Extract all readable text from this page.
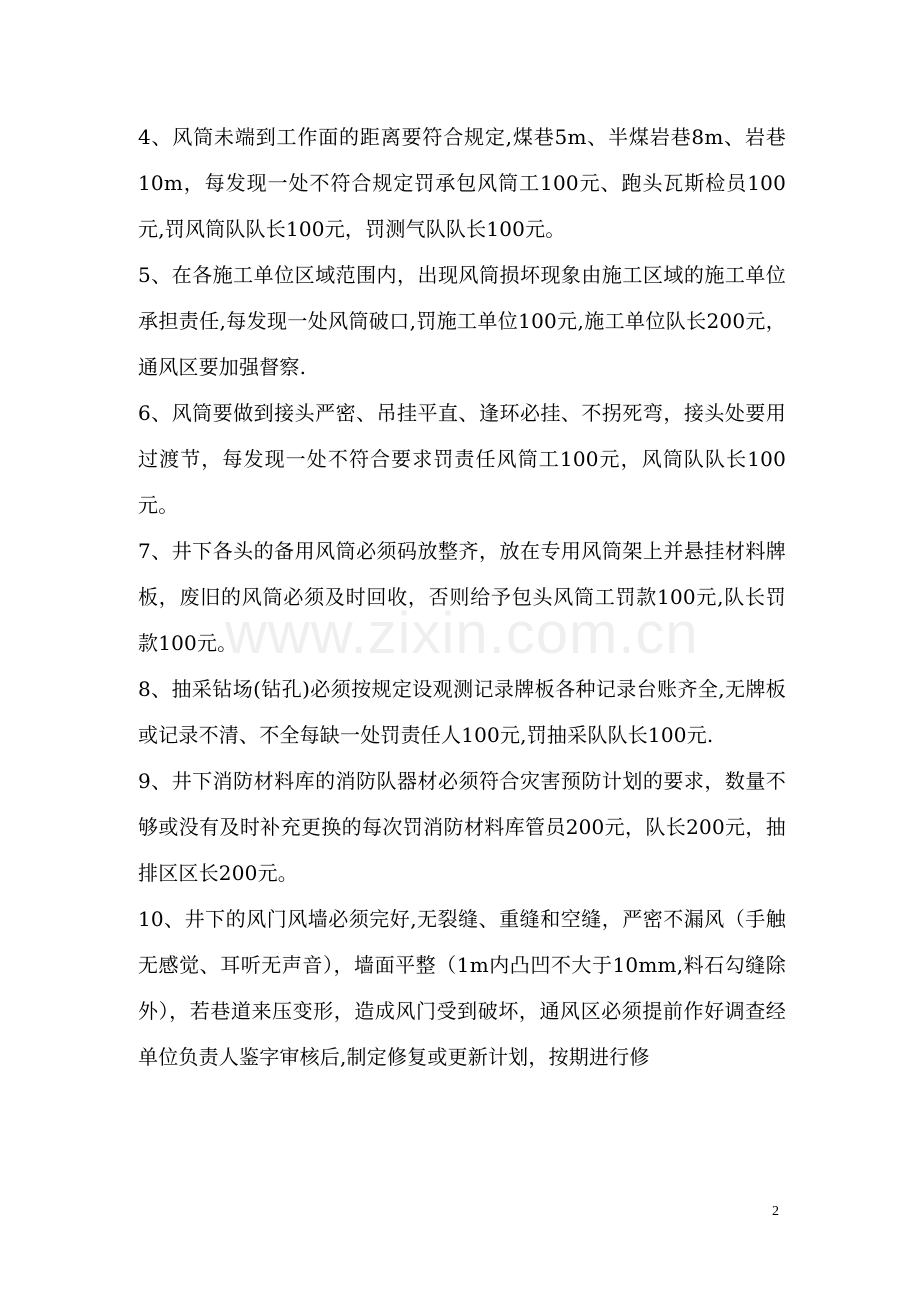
4、风筒未端到工作面的距离要符合规定,煤巷5m、半煤岩巷8m、岩巷10m，每发现一处不符合规定罚承包风筒工100元、跑头瓦斯检员100元,罚风筒队队长100元，罚测气队队长100元。

5、在各施工单位区域范围内，出现风筒损坏现象由施工区域的施工单位承担责任,每发现一处风筒破口,罚施工单位100元,施工单位队长200元，通风区要加强督察.

6、风筒要做到接头严密、吊挂平直、逢环必挂、不拐死弯，接头处要用过渡节，每发现一处不符合要求罚责任风筒工100元，风筒队队长100元。

7、井下各头的备用风筒必须码放整齐，放在专用风筒架上并悬挂材料牌板，废旧的风筒必须及时回收，否则给予包头风筒工罚款100元,队长罚款100元。

8、抽采钻场(钻孔)必须按规定设观测记录牌板各种记录台账齐全,无牌板或记录不清、不全每缺一处罚责任人100元,罚抽采队队长100元.

9、井下消防材料库的消防队器材必须符合灾害预防计划的要求，数量不够或没有及时补充更换的每次罚消防材料库管员200元，队长200元，抽排区区长200元。

10、井下的风门风墙必须完好,无裂缝、重缝和空缝，严密不漏风（手触无感觉、耳听无声音），墙面平整（1m内凸凹不大于10mm,料石勾缝除外），若巷道来压变形，造成风门受到破坏，通风区必须提前作好调查经单位负责人鉴字审核后,制定修复或更新计划，按期进行修

www.zixin.com.cn
2
